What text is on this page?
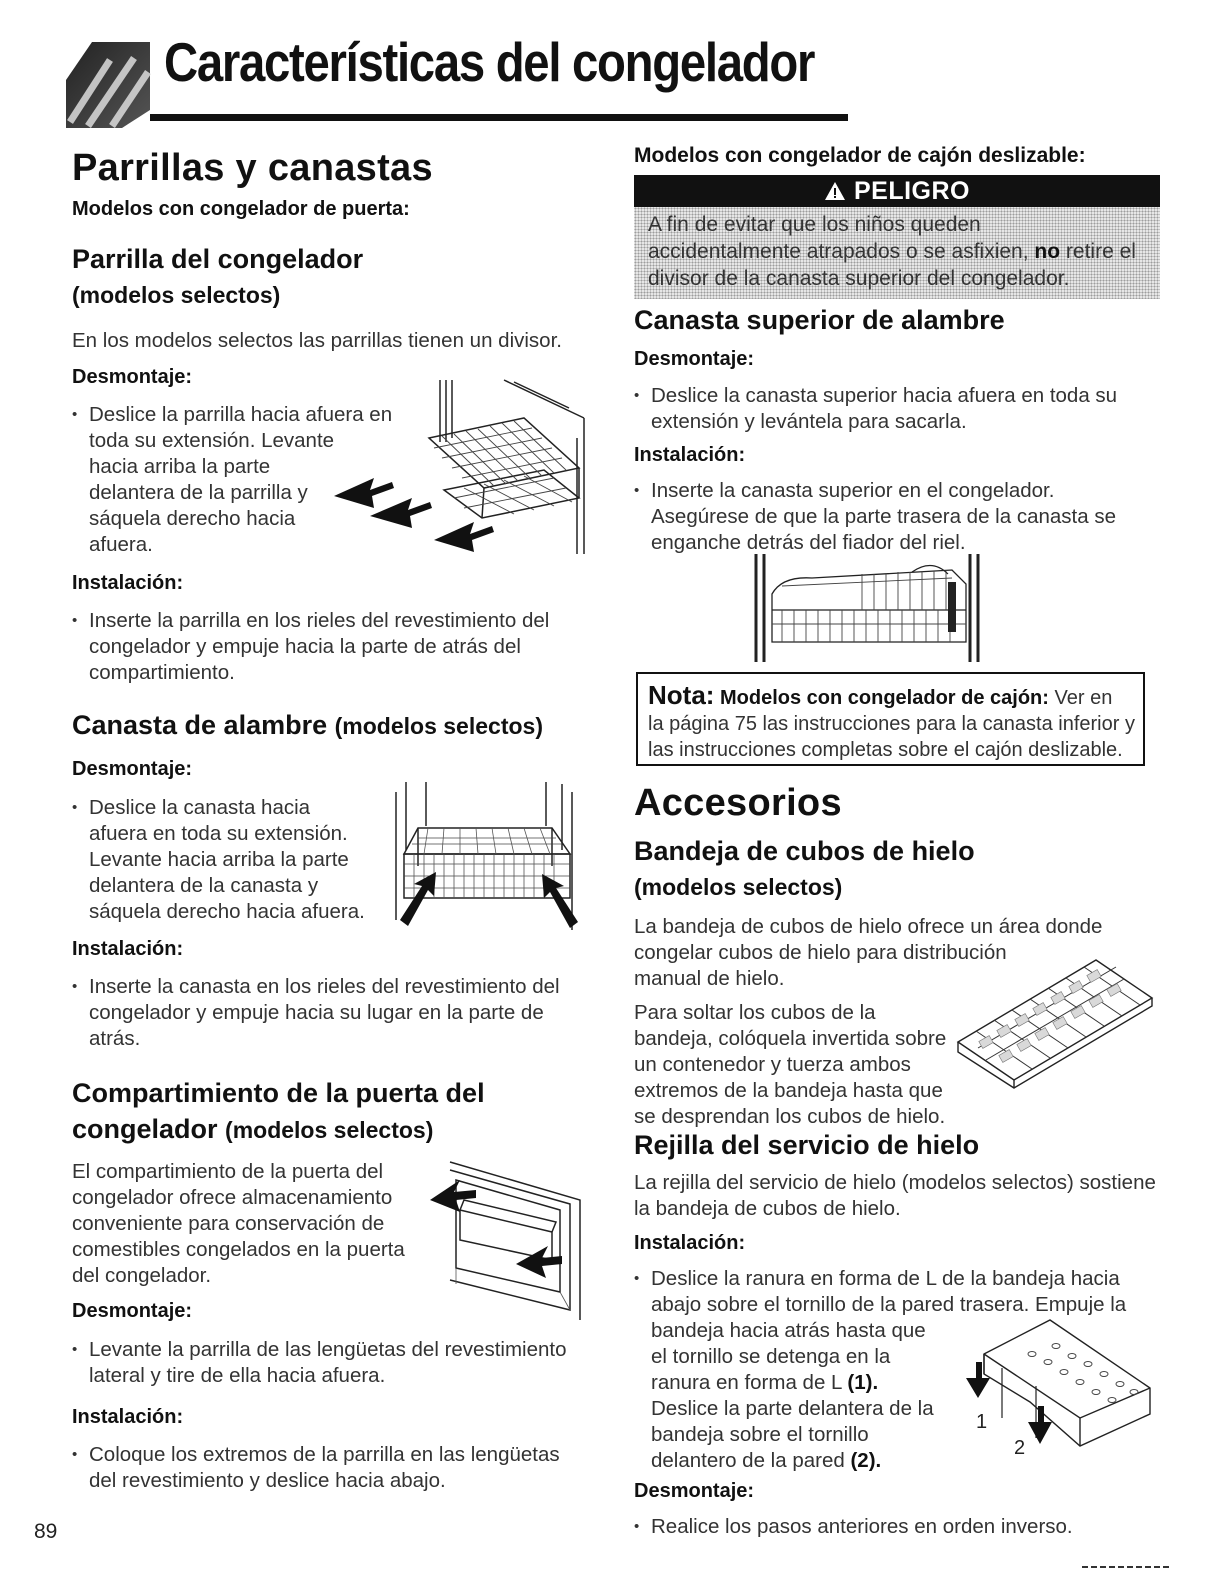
Características del congelador
Parrillas y canastas
Modelos con congelador de puerta:
Parrilla del congelador
(modelos selectos)
En los modelos selectos las parrillas tienen un divisor.
Desmontaje:
• Deslice la parrilla hacia afuera en
toda su extensión. Levante
hacia arriba la parte
delantera de la parrilla y
sáquela derecho hacia
afuera.
Instalación:
• Inserte la parrilla en los rieles del revestimiento del
congelador y empuje hacia la parte de atrás del
compartimiento.
Canasta de alambre (modelos selectos)
Desmontaje:
• Deslice la canasta hacia
afuera en toda su extensión.
Levante hacia arriba la parte
delantera de la canasta y
sáquela derecho hacia afuera.
Instalación:
• Inserte la canasta en los rieles del revestimiento del
congelador y empuje hacia su lugar en la parte de
atrás.
Compartimiento de la puerta del
congelador (modelos selectos)
El compartimiento de la puerta del
congelador ofrece almacenamiento
conveniente para conservación de
comestibles congelados en la puerta
del congelador.
Desmontaje:
• Levante la parrilla de las lengüetas del revestimiento
lateral y tire de ella hacia afuera.
Instalación:
• Coloque los extremos de la parrilla en las lengüetas
del revestimiento y deslice hacia abajo.
Modelos con congelador de cajón deslizable:
PELIGRO
A fin de evitar que los niños queden
accidentalmente atrapados o se asfixien, no retire el
divisor de la canasta superior del congelador.
Canasta superior de alambre
Desmontaje:
• Deslice la canasta superior hacia afuera en toda su
extensión y levántela para sacarla.
Instalación:
• Inserte la canasta superior en el congelador.
Asegúrese de que la parte trasera de la canasta se
enganche detrás del fiador del riel.
Nota: Modelos con congelador de cajón: Ver en
la página 75 las instrucciones para la canasta inferior y
las instrucciones completas sobre el cajón deslizable.
Accesorios
Bandeja de cubos de hielo
(modelos selectos)
La bandeja de cubos de hielo ofrece un área donde
congelar cubos de hielo para distribución
manual de hielo.
Para soltar los cubos de la
bandeja, colóquela invertida sobre
un contenedor y tuerza ambos
extremos de la bandeja hasta que
se desprendan los cubos de hielo.
Rejilla del servicio de hielo
La rejilla del servicio de hielo (modelos selectos) sostiene
la bandeja de cubos de hielo.
Instalación:
• Deslice la ranura en forma de L de la bandeja hacia
abajo sobre el tornillo de la pared trasera. Empuje la
bandeja hacia atrás hasta que
el tornillo se detenga en la
ranura en forma de L (1).
Deslice la parte delantera de la
bandeja sobre el tornillo
delantero de la pared (2).
Desmontaje:
• Realice los pasos anteriores en orden inverso.
1
2
89
